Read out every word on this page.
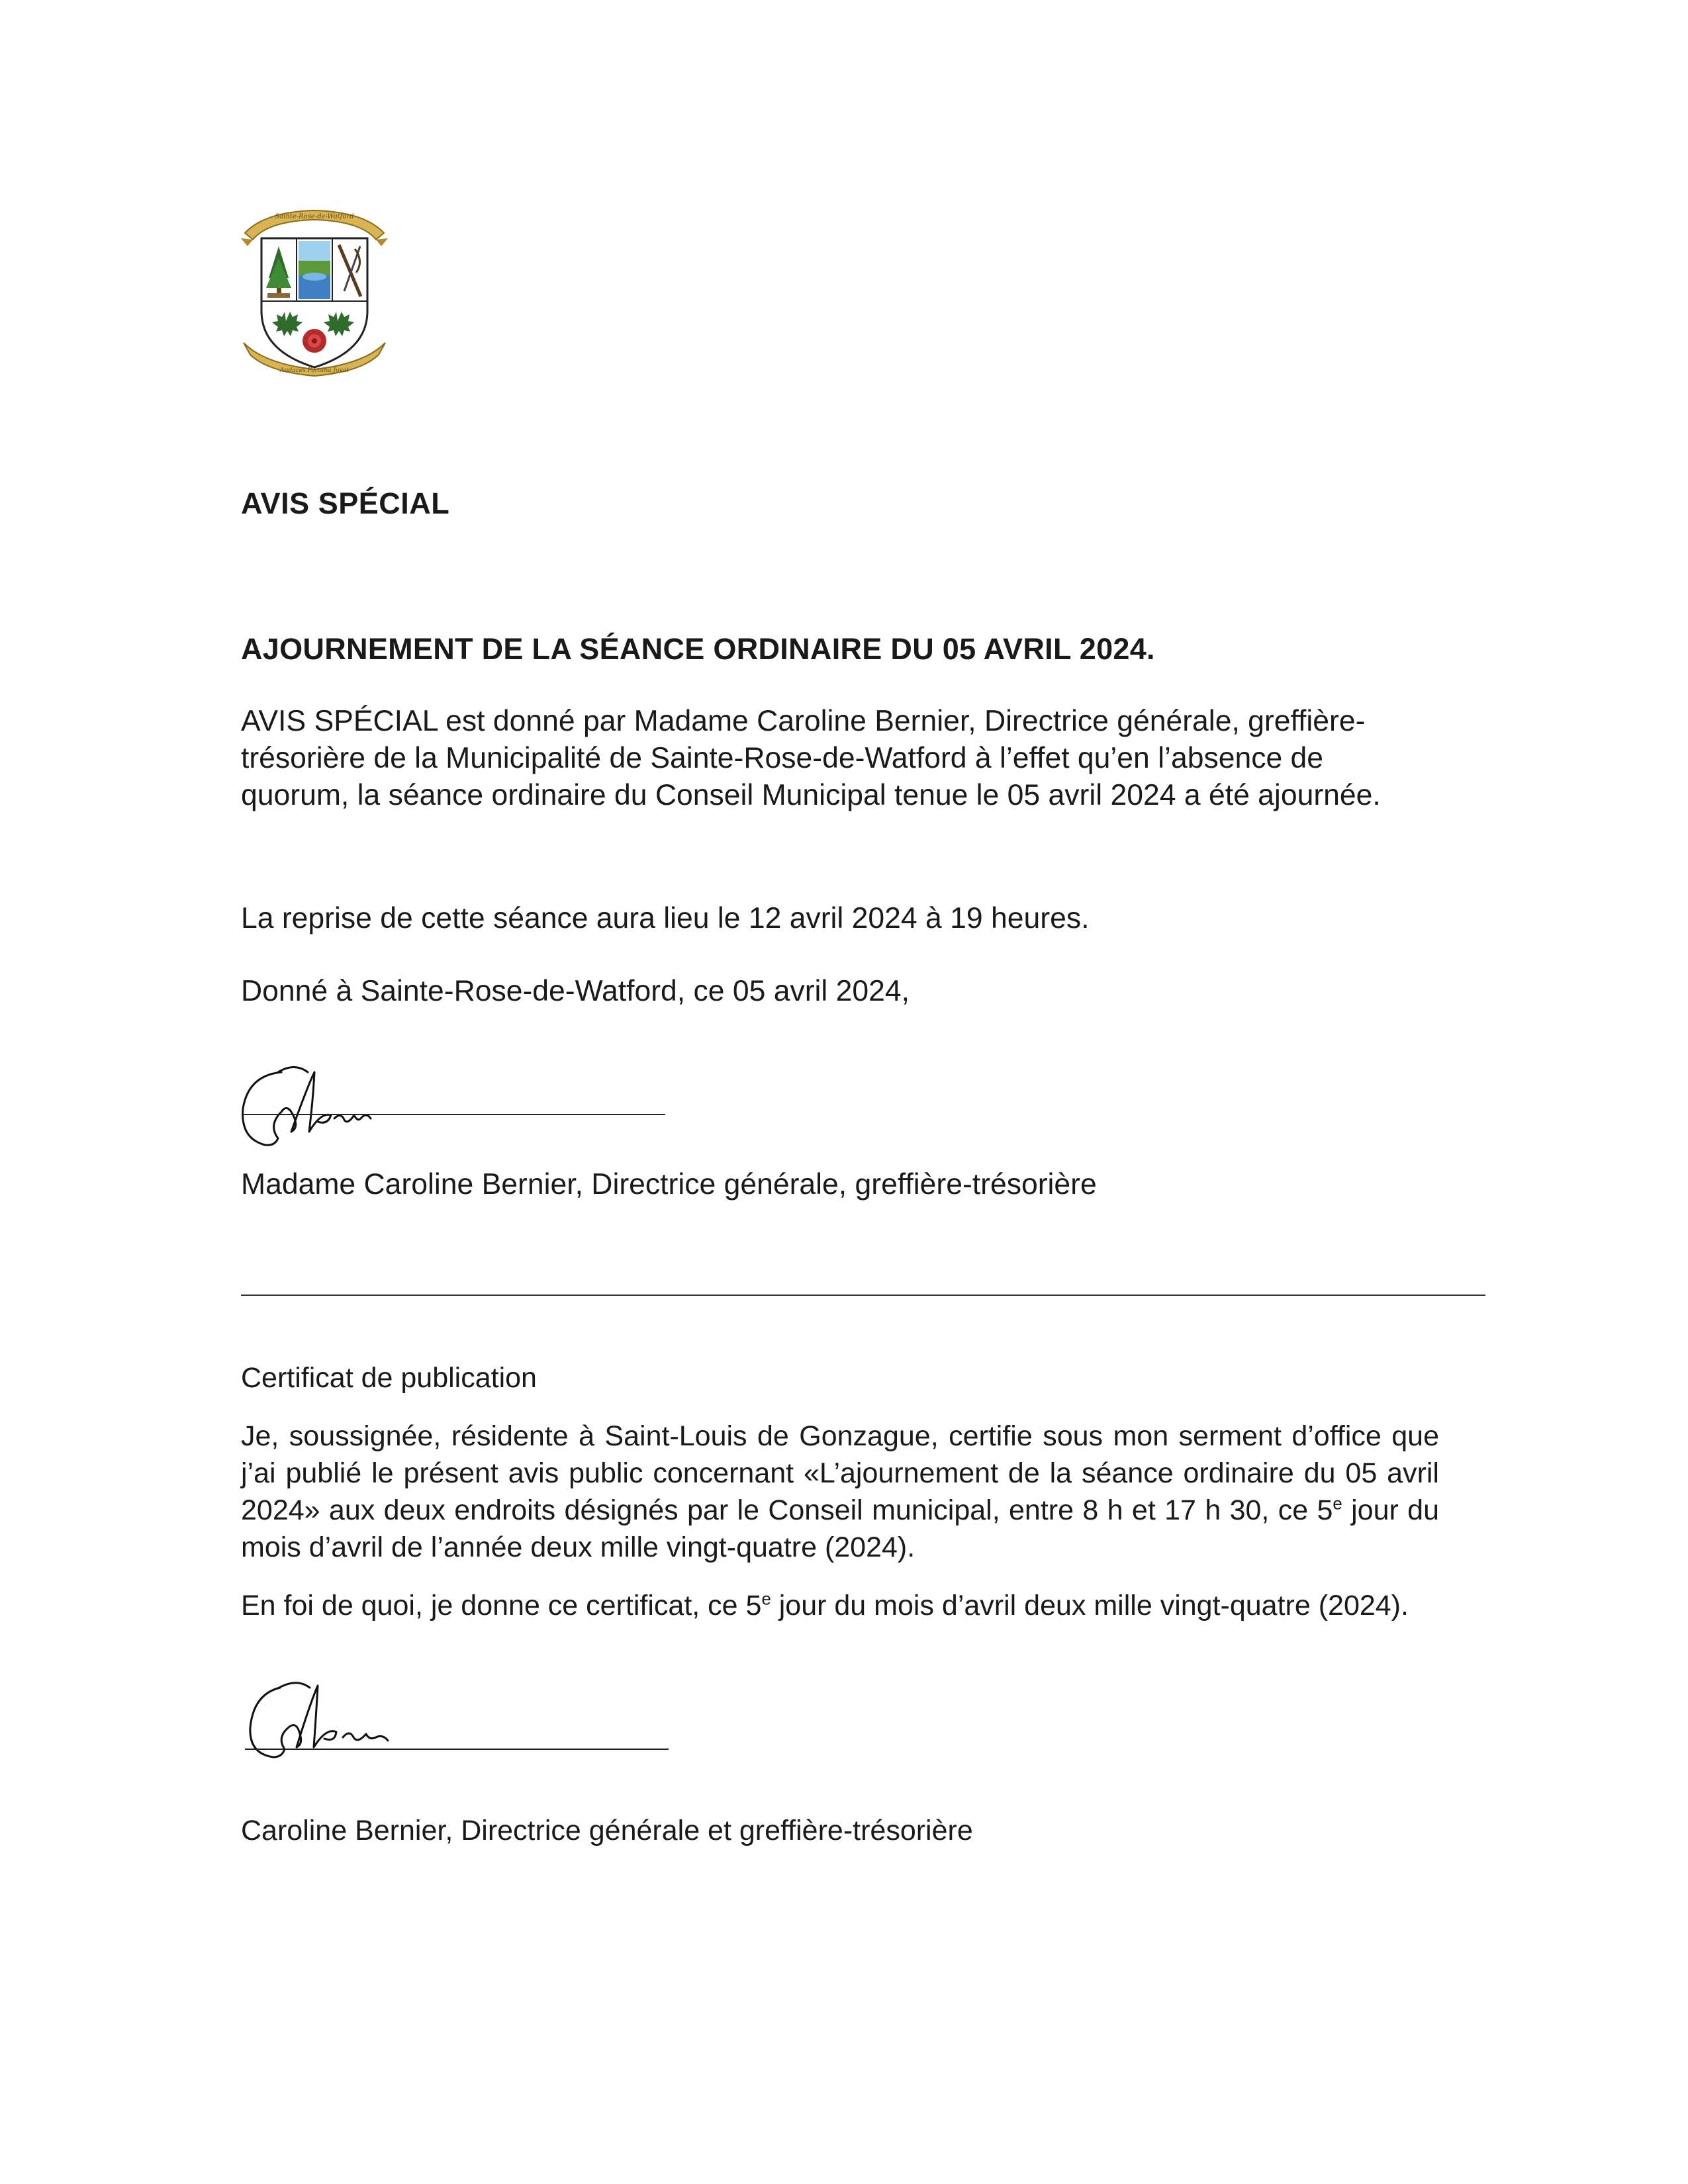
Sainte-Rose-de-Watford
Audaces Fortuna Juvat
AVIS SPÉCIAL
AJOURNEMENT DE LA SÉANCE ORDINAIRE DU 05 AVRIL 2024.
AVIS SPÉCIAL est donné par Madame Caroline Bernier, Directrice générale, greffière-trésorière de la Municipalité de Sainte-Rose-de-Watford à l’effet qu’en l’absence de quorum, la séance ordinaire du Conseil Municipal tenue le 05 avril 2024 a été ajournée.
La reprise de cette séance aura lieu le 12 avril 2024 à 19 heures.
Donné à Sainte-Rose-de-Watford, ce 05 avril 2024,
Madame Caroline Bernier, Directrice générale, greffière-trésorière
Certificat de publication
Je, soussignée, résidente à Saint-Louis de Gonzague, certifie sous mon serment d’office que j’ai publié le présent avis public concernant «L’ajournement de la séance ordinaire du 05 avril 2024» aux deux endroits désignés par le Conseil municipal, entre 8 h et 17 h 30, ce 5e jour du mois d’avril de l’année deux mille vingt-quatre (2024).
En foi de quoi, je donne ce certificat, ce 5e jour du mois d’avril deux mille vingt-quatre (2024).
Caroline Bernier, Directrice générale et greffière-trésorière
